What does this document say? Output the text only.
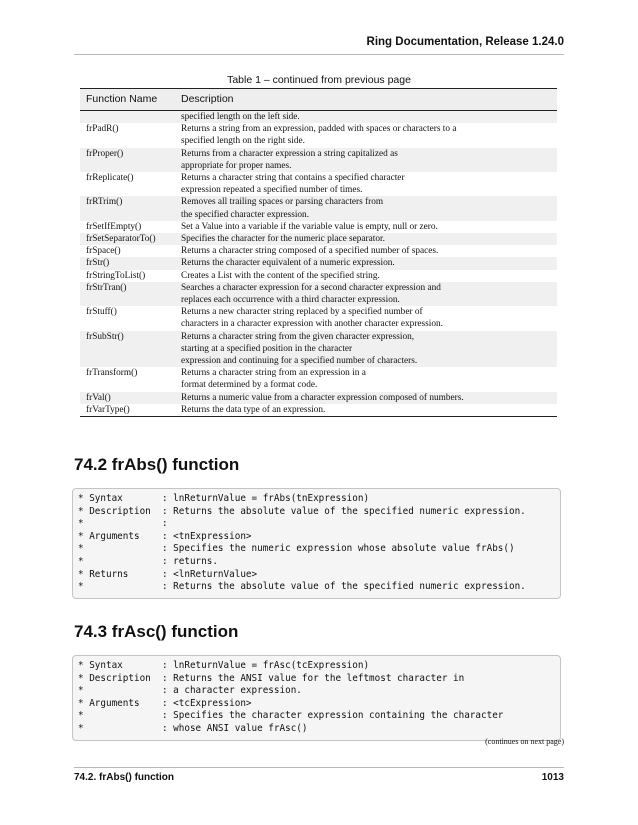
Ring Documentation, Release 1.24.0
Table 1 – continued from previous page
Function Name	Description
	specified length on the left side.
frPadR()	Returns a string from an expression, padded with spaces or characters to a
	specified length on the right side.
frProper()	Returns from a character expression a string capitalized as
	appropriate for proper names.
frReplicate()	Returns a character string that contains a specified character
	expression repeated a specified number of times.
frRTrim()	Removes all trailing spaces or parsing characters from
	the specified character expression.
frSetIfEmpty()	Set a Value into a variable if the variable value is empty, null or zero.
frSetSeparatorTo()	Specifies the character for the numeric place separator.
frSpace()	Returns a character string composed of a specified number of spaces.
frStr()	Returns the character equivalent of a numeric expression.
frStringToList()	Creates a List with the content of the specified string.
frStrTran()	Searches a character expression for a second character expression and
	replaces each occurrence with a third character expression.
frStuff()	Returns a new character string replaced by a specified number of
	characters in a character expression with another character expression.
frSubStr()	Returns a character string from the given character expression,
	starting at a specified position in the character
	expression and continuing for a specified number of characters.
frTransform()	Returns a character string from an expression in a
	format determined by a format code.
frVal()	Returns a numeric value from a character expression composed of numbers.
frVarType()	Returns the data type of an expression.
74.2 frAbs() function
* Syntax       : lnReturnValue = frAbs(tnExpression)
* Description  : Returns the absolute value of the specified numeric expression.
*              :
* Arguments    : <tnExpression>
*              : Specifies the numeric expression whose absolute value frAbs()
*              : returns.
* Returns      : <lnReturnValue>
*              : Returns the absolute value of the specified numeric expression.
74.3 frAsc() function
* Syntax       : lnReturnValue = frAsc(tcExpression)
* Description  : Returns the ANSI value for the leftmost character in
*              : a character expression.
* Arguments    : <tcExpression>
*              : Specifies the character expression containing the character
*              : whose ANSI value frAsc()
(continues on next page)
74.2. frAbs() function	1013
